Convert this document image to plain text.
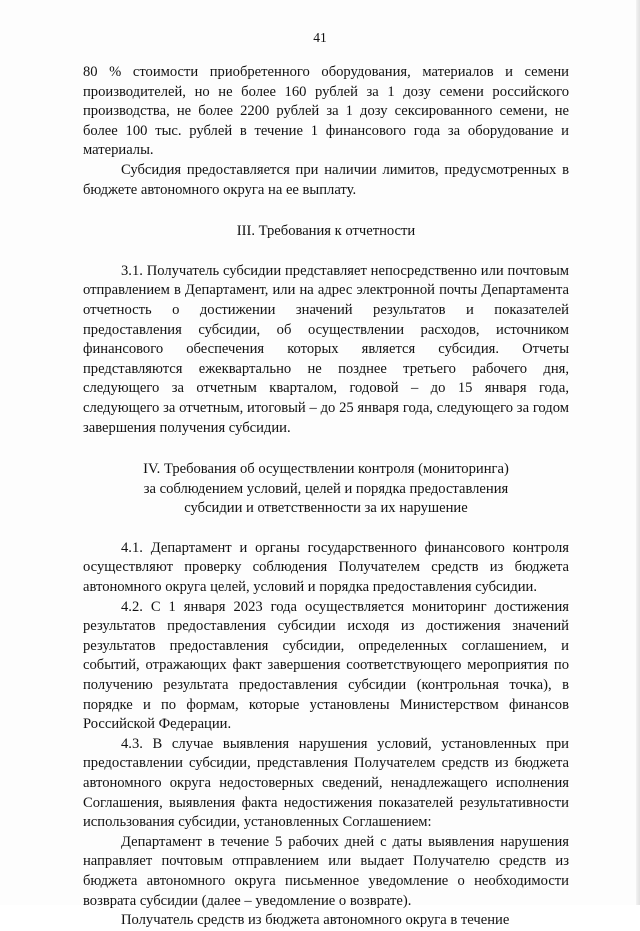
41

80 % стоимости приобретенного оборудования, материалов и семени производителей, но не более 160 рублей за 1 дозу семени российского производства, не более 2200 рублей за 1 дозу сексированного семени, не более 100 тыс. рублей в течение 1 финансового года за оборудование и материалы.

Субсидия предоставляется при наличии лимитов, предусмотренных в бюджете автономного округа на ее выплату.

III. Требования к отчетности

3.1. Получатель субсидии представляет непосредственно или почтовым отправлением в Департамент, или на адрес электронной почты Департамента отчетность о достижении значений результатов и показателей предоставления субсидии, об осуществлении расходов, источником финансового обеспечения которых является субсидия. Отчеты представляются ежеквартально не позднее третьего рабочего дня, следующего за отчетным кварталом, годовой – до 15 января года, следующего за отчетным, итоговый – до 25 января года, следующего за годом завершения получения субсидии.

IV. Требования об осуществлении контроля (мониторинга)
за соблюдением условий, целей и порядка предоставления
субсидии и ответственности за их нарушение

4.1. Департамент и органы государственного финансового контроля осуществляют проверку соблюдения Получателем средств из бюджета автономного округа целей, условий и порядка предоставления субсидии.

4.2. С 1 января 2023 года осуществляется мониторинг достижения результатов предоставления субсидии исходя из достижения значений результатов предоставления субсидии, определенных соглашением, и событий, отражающих факт завершения соответствующего мероприятия по получению результата предоставления субсидии (контрольная точка), в порядке и по формам, которые установлены Министерством финансов Российской Федерации.

4.3. В случае выявления нарушения условий, установленных при предоставлении субсидии, представления Получателем средств из бюджета автономного округа недостоверных сведений, ненадлежащего исполнения Соглашения, выявления факта недостижения показателей результативности использования субсидии, установленных Соглашением:

Департамент в течение 5 рабочих дней с даты выявления нарушения направляет почтовым отправлением или выдает Получателю средств из бюджета автономного округа письменное уведомление о необходимости возврата субсидии (далее – уведомление о возврате).

Получатель средств из бюджета автономного округа в течение
